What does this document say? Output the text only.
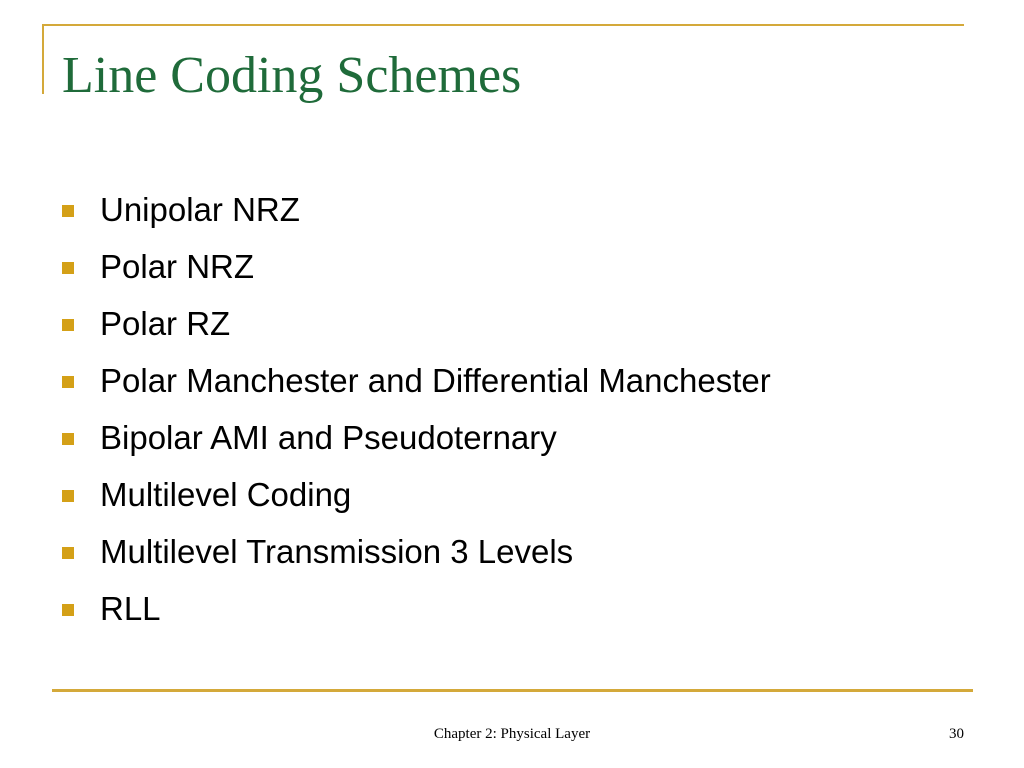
Line Coding Schemes
Unipolar NRZ
Polar NRZ
Polar RZ
Polar Manchester and Differential Manchester
Bipolar AMI and Pseudoternary
Multilevel Coding
Multilevel Transmission 3 Levels
RLL
Chapter 2: Physical Layer	30
